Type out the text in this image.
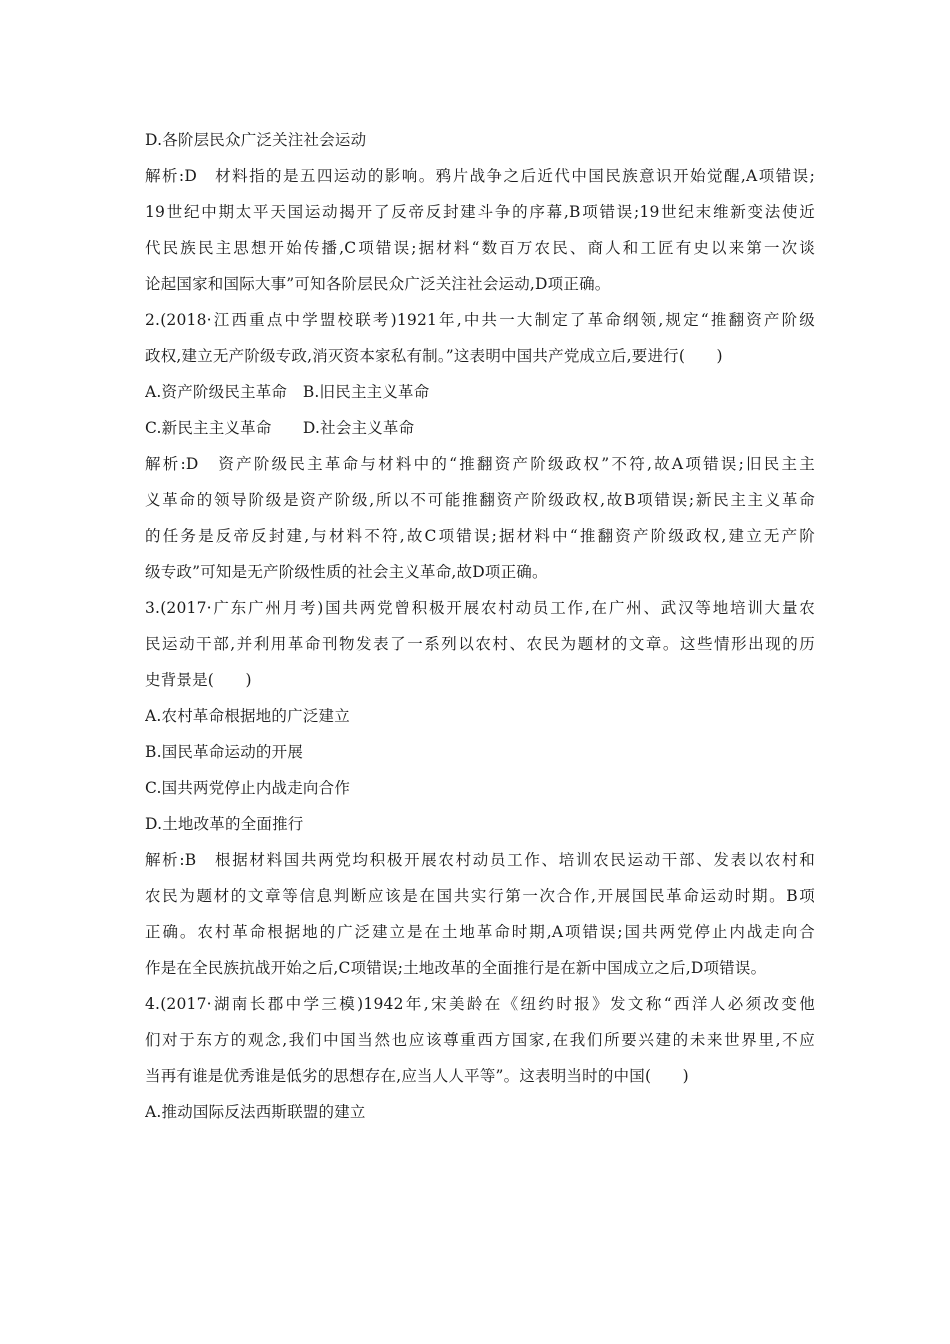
D.各阶层民众广泛关注社会运动
解析:D　材料指的是五四运动的影响。鸦片战争之后近代中国民族意识开始觉醒,A项错误;
19世纪中期太平天国运动揭开了反帝反封建斗争的序幕,B项错误;19世纪末维新变法使近
代民族民主思想开始传播,C项错误;据材料“数百万农民、商人和工匠有史以来第一次谈
论起国家和国际大事”可知各阶层民众广泛关注社会运动,D项正确。
2.(2018·江西重点中学盟校联考)1921年,中共一大制定了革命纲领,规定“推翻资产阶级
政权,建立无产阶级专政,消灭资本家私有制。”这表明中国共产党成立后,要进行(　　)
A.资产阶级民主革命　B.旧民主主义革命
C.新民主主义革命　　D.社会主义革命
解析:D　资产阶级民主革命与材料中的“推翻资产阶级政权”不符,故A项错误;旧民主主
义革命的领导阶级是资产阶级,所以不可能推翻资产阶级政权,故B项错误;新民主主义革命
的任务是反帝反封建,与材料不符,故C项错误;据材料中“推翻资产阶级政权,建立无产阶
级专政”可知是无产阶级性质的社会主义革命,故D项正确。
3.(2017·广东广州月考)国共两党曾积极开展农村动员工作,在广州、武汉等地培训大量农
民运动干部,并利用革命刊物发表了一系列以农村、农民为题材的文章。这些情形出现的历
史背景是(　　)
A.农村革命根据地的广泛建立
B.国民革命运动的开展
C.国共两党停止内战走向合作
D.土地改革的全面推行
解析:B　根据材料国共两党均积极开展农村动员工作、培训农民运动干部、发表以农村和
农民为题材的文章等信息判断应该是在国共实行第一次合作,开展国民革命运动时期。B项
正确。农村革命根据地的广泛建立是在土地革命时期,A项错误;国共两党停止内战走向合
作是在全民族抗战开始之后,C项错误;土地改革的全面推行是在新中国成立之后,D项错误。
4.(2017·湖南长郡中学三模)1942年,宋美龄在《纽约时报》发文称“西洋人必须改变他
们对于东方的观念,我们中国当然也应该尊重西方国家,在我们所要兴建的未来世界里,不应
当再有谁是优秀谁是低劣的思想存在,应当人人平等”。这表明当时的中国(　　)
A.推动国际反法西斯联盟的建立
